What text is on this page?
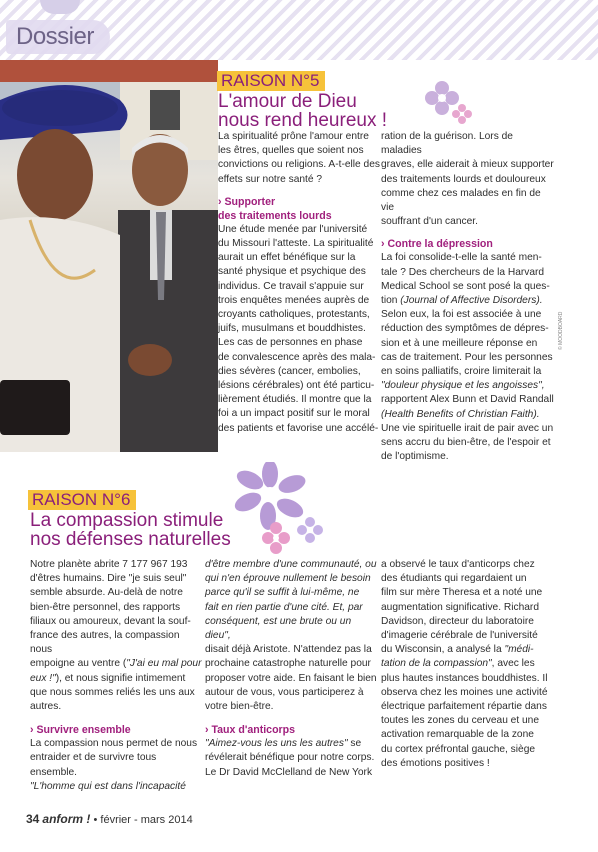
Dossier
RAISON N°5
L'amour de Dieu
nous rend heureux !

La spiritualité prône l'amour entre

les êtres, quelles que soient nos

convictions ou religions. A-t-elle des

effets sur notre santé ?

› Supporter

des traitements lourds

Une étude menée par l'université

du Missouri l'atteste. La spiritualité

aurait un effet bénéfique sur la

santé physique et psychique des

individus. Ce travail s'appuie sur

trois enquêtes menées auprès de

croyants catholiques, protestants,

juifs, musulmans et bouddhistes.

Les cas de personnes en phase

de convalescence après des mala-

dies sévères (cancer, embolies,

lésions cérébrales) ont été particu-

lièrement étudiés. Il montre que la

foi a un impact positif sur le moral

des patients et favorise une accélé-

ration de la guérison. Lors de maladies

graves, elle aiderait à mieux supporter

des traitements lourds et douloureux

comme chez ces malades en fin de vie

souffrant d'un cancer.

› Contre la dépression

La foi consolide-t-elle la santé men-

tale ? Des chercheurs de la Harvard

Medical School se sont posé la ques-

tion (Journal of Affective Disorders).

Selon eux, la foi est associée à une

réduction des symptômes de dépres-

sion et à une meilleure réponse en

cas de traitement. Pour les personnes

en soins palliatifs, croire limiterait la

"douleur physique et les angoisses",

rapportent Alex Bunn et David Randall

(Health Benefits of Christian Faith).

Une vie spirituelle irait de pair avec un

sens accru du bien-être, de l'espoir et

de l'optimisme.

© MOODBOARD
RAISON N°6
La compassion stimule
nos défenses naturelles

Notre planète abrite 7 177 967 193

d'êtres humains. Dire "je suis seul"

semble absurde. Au-delà de notre

bien-être personnel, des rapports

filiaux ou amoureux, devant la souf-

france des autres, la compassion nous

empoigne au ventre ("J'ai eu mal pour

eux !"), et nous signifie intimement

que nous sommes reliés les uns aux

autres.

› Survivre ensemble

La compassion nous permet de nous

entraider et de survivre tous ensemble.

"L'homme qui est dans l'incapacité

d'être membre d'une communauté, ou

qui n'en éprouve nullement le besoin

parce qu'il se suffit à lui-même, ne

fait en rien partie d'une cité. Et, par

conséquent, est une brute ou un dieu",

disait déjà Aristote. N'attendez pas la

prochaine catastrophe naturelle pour

proposer votre aide. En faisant le bien

autour de vous, vous participerez à

votre bien-être.

› Taux d'anticorps

"Aimez-vous les uns les autres" se

révélerait bénéfique pour notre corps.

Le Dr David McClelland de New York

a observé le taux d'anticorps chez

des étudiants qui regardaient un

film sur mère Theresa et a noté une

augmentation significative. Richard

Davidson, directeur du laboratoire

d'imagerie cérébrale de l'université

du Wisconsin, a analysé la "médi-

tation de la compassion", avec les

plus hautes instances bouddhistes. Il

observa chez les moines une activité

électrique parfaitement répartie dans

toutes les zones du cerveau et une

activation remarquable de la zone

du cortex préfrontal gauche, siège

des émotions positives !

34 anform ! • février - mars 2014
